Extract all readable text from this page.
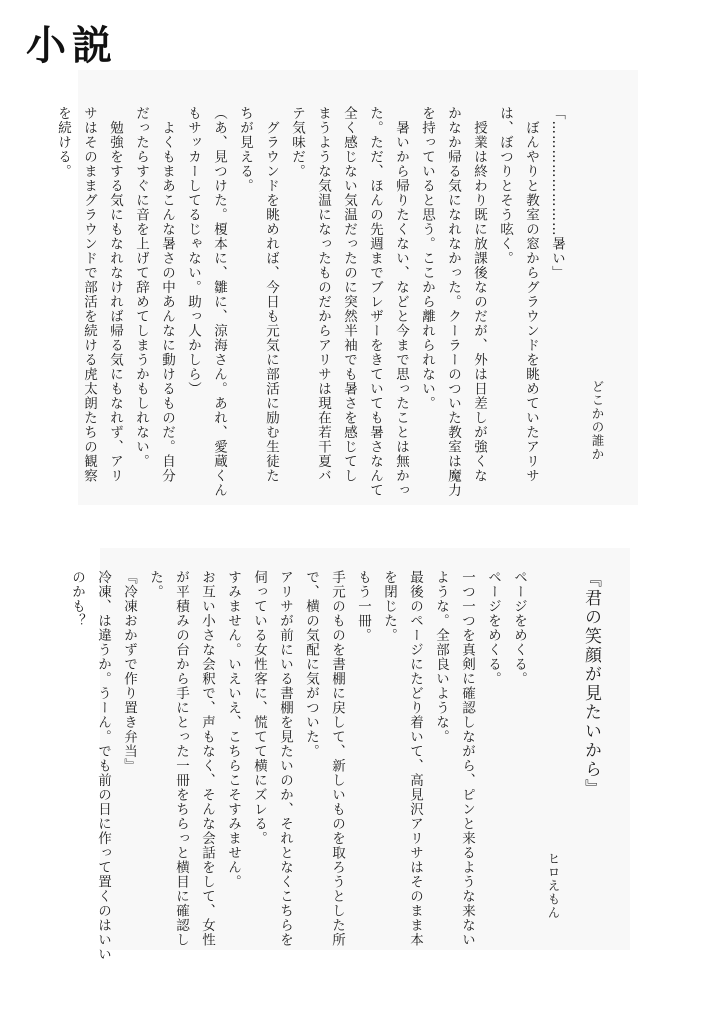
小説

どこかの誰か

「……………………暑い」

　ぼんやりと教室の窓からグラウンドを眺めていたアリサ

は、ぼつりとそう呟く。

　授業は終わり既に放課後なのだが、外は日差しが強くな

かなか帰る気になれなかった。クーラーのついた教室は魔力

を持っていると思う。ここから離れられない。

　暑いから帰りたくない、などと今まで思ったことは無かっ

た。ただ、ほんの先週までブレザーをきていても暑さなんて

全く感じない気温だったのに突然半袖でも暑さを感じてし

まうような気温になったものだからアリサは現在若干夏バ

テ気味だ。

　グラウンドを眺めれば、今日も元気に部活に励む生徒た

ちが見える。

（あ、見つけた。榎本に、雛に、涼海さん。あれ、愛蔵くん

もサッカーしてるじゃない。助っ人かしら）

　よくもまあこんな暑さの中あんなに動けるものだ。自分

だったらすぐに音を上げて辞めてしまうかもしれない。

　勉強をする気にもなれなければ帰る気にもなれず、アリ

サはそのままグラウンドで部活を続ける虎太朗たちの観察

を続ける。

『君の笑顔が見たいから』

ヒロえもん

ページをめくる。

ページをめくる。

一つ一つを真剣に確認しながら、ピンと来るような来ない

ような。全部良いような。

最後のページにたどり着いて、高見沢アリサはそのまま本

を閉じた。

もう一冊。

手元のものを書棚に戻して、新しいものを取ろうとした所

で、横の気配に気がついた。

アリサが前にいる書棚を見たいのか、それとなくこちらを

伺っている女性客に、慌てて横にズレる。

すみません。いえいえ、こちらこそすみません。

お互い小さな会釈で、声もなく、そんな会話をして、女性

が平積みの台から手にとった一冊をちらっと横目に確認し

た。

『冷凍おかずで作り置き弁当』

冷凍、は違うか。うーん。でも前の日に作って置くのはいい

のかも？
